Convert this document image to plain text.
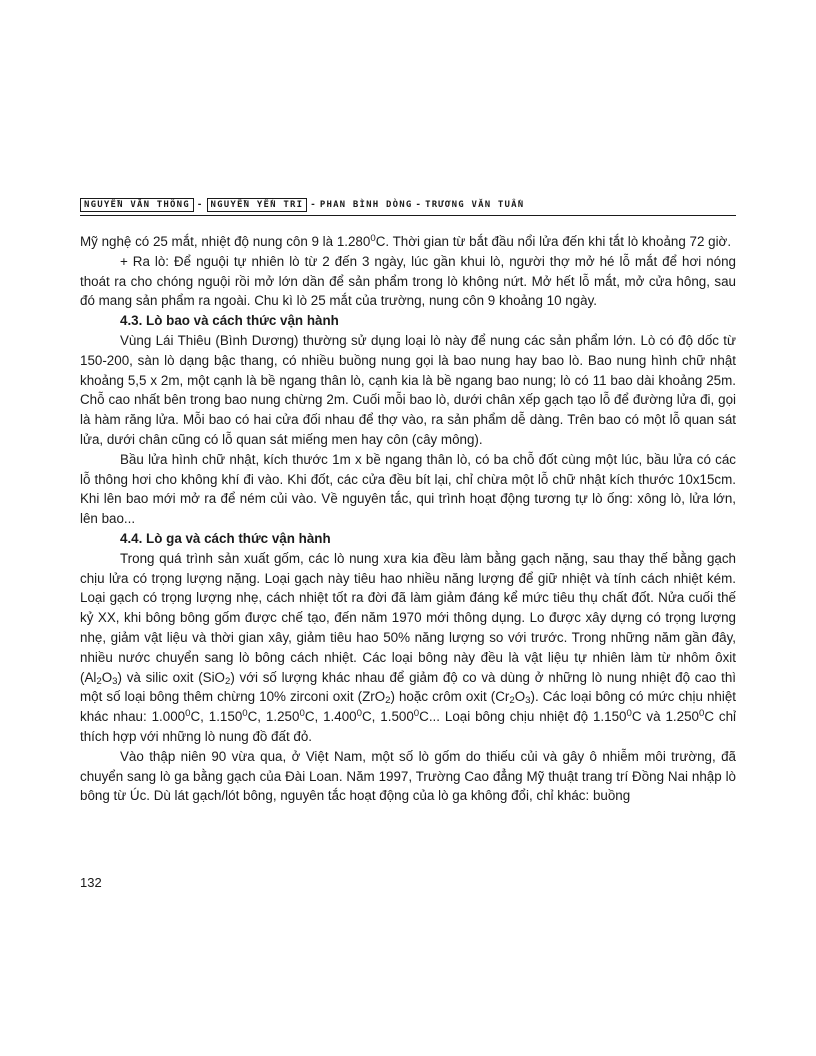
NGUYỄN VĂN THÔNG - NGUYỄN YẾN TRI - PHAN BÌNH DÒNG - TRƯƠNG VĂN TUẤN

Mỹ nghệ có 25 mắt, nhiệt độ nung côn 9 là 1.280$^0$C. Thời gian từ bắt đầu nổi lửa đến khi tắt lò khoảng 72 giờ.

+ Ra lò: Để nguội tự nhiên lò từ 2 đến 3 ngày, lúc gần khui lò, người thợ mở hé lỗ mắt để hơi nóng thoát ra cho chóng nguội rồi mở lớn dần để sản phẩm trong lò không nứt. Mở hết lỗ mắt, mở cửa hông, sau đó mang sản phẩm ra ngoài. Chu kì lò 25 mắt của trường, nung côn 9 khoảng 10 ngày.

4.3. Lò bao và cách thức vận hành

Vùng Lái Thiêu (Bình Dương) thường sử dụng loại lò này để nung các sản phẩm lớn. Lò có độ dốc từ 150-200, sàn lò dạng bậc thang, có nhiều buồng nung gọi là bao nung hay bao lò. Bao nung hình chữ nhật khoảng 5,5 x 2m, một cạnh là bề ngang thân lò, cạnh kia là bề ngang bao nung; lò có 11 bao dài khoảng 25m. Chỗ cao nhất bên trong bao nung chừng 2m. Cuối mỗi bao lò, dưới chân xếp gạch tạo lỗ để đường lửa đi, gọi là hàm răng lửa. Mỗi bao có hai cửa đối nhau để thợ vào, ra sản phẩm dễ dàng. Trên bao có một lỗ quan sát lửa, dưới chân cũng có lỗ quan sát miếng men hay côn (cây mông).

Bầu lửa hình chữ nhật, kích thước 1m x bề ngang thân lò, có ba chỗ đốt cùng một lúc, bầu lửa có các lỗ thông hơi cho không khí đi vào. Khi đốt, các cửa đều bít lại, chỉ chừa một lỗ chữ nhật kích thước 10x15cm. Khi lên bao mới mở ra để ném củi vào. Về nguyên tắc, qui trình hoạt động tương tự lò ống: xông lò, lửa lớn, lên bao...

4.4. Lò ga và cách thức vận hành

Trong quá trình sản xuất gốm, các lò nung xưa kia đều làm bằng gạch nặng, sau thay thế bằng gạch chịu lửa có trọng lượng nặng. Loại gạch này tiêu hao nhiều năng lượng để giữ nhiệt và tính cách nhiệt kém. Loại gạch có trọng lượng nhẹ, cách nhiệt tốt ra đời đã làm giảm đáng kể mức tiêu thụ chất đốt. Nửa cuối thế kỷ XX, khi bông bông gốm được chế tạo, đến năm 1970 mới thông dụng. Lo được xây dựng có trọng lượng nhẹ, giảm vật liệu và thời gian xây, giảm tiêu hao 50% năng lượng so với trước. Trong những năm gần đây, nhiều nước chuyển sang lò bông cách nhiệt. Các loại bông này đều là vật liệu tự nhiên làm từ nhôm ôxit $(Al_2O_3)$ và silic oxit (SiO$_2$) với số lượng khác nhau để giảm độ co và dùng ở những lò nung nhiệt độ cao thì một số loại bông thêm chừng 10% zirconi oxit (ZrO$_2$) hoặc crôm oxit $(Cr_2O_3)$. Các loại bông có mức chịu nhiệt khác nhau: 1.000$^0$C, 1.150$^0$C, 1.250$^0$C, 1.400$^0$C, 1.500$^0$C... Loại bông chịu nhiệt độ 1.150$^0$C và 1.250$^0$C chỉ thích hợp với những lò nung đồ đất đỏ.

Vào thập niên 90 vừa qua, ở Việt Nam, một số lò gốm do thiếu củi và gây ô nhiễm môi trường, đã chuyển sang lò ga bằng gạch của Đài Loan. Năm 1997, Trường Cao đẳng Mỹ thuật trang trí Đồng Nai nhập lò bông từ Úc. Dù lát gạch/lót bông, nguyên tắc hoạt động của lò ga không đổi, chỉ khác: buồng

132
